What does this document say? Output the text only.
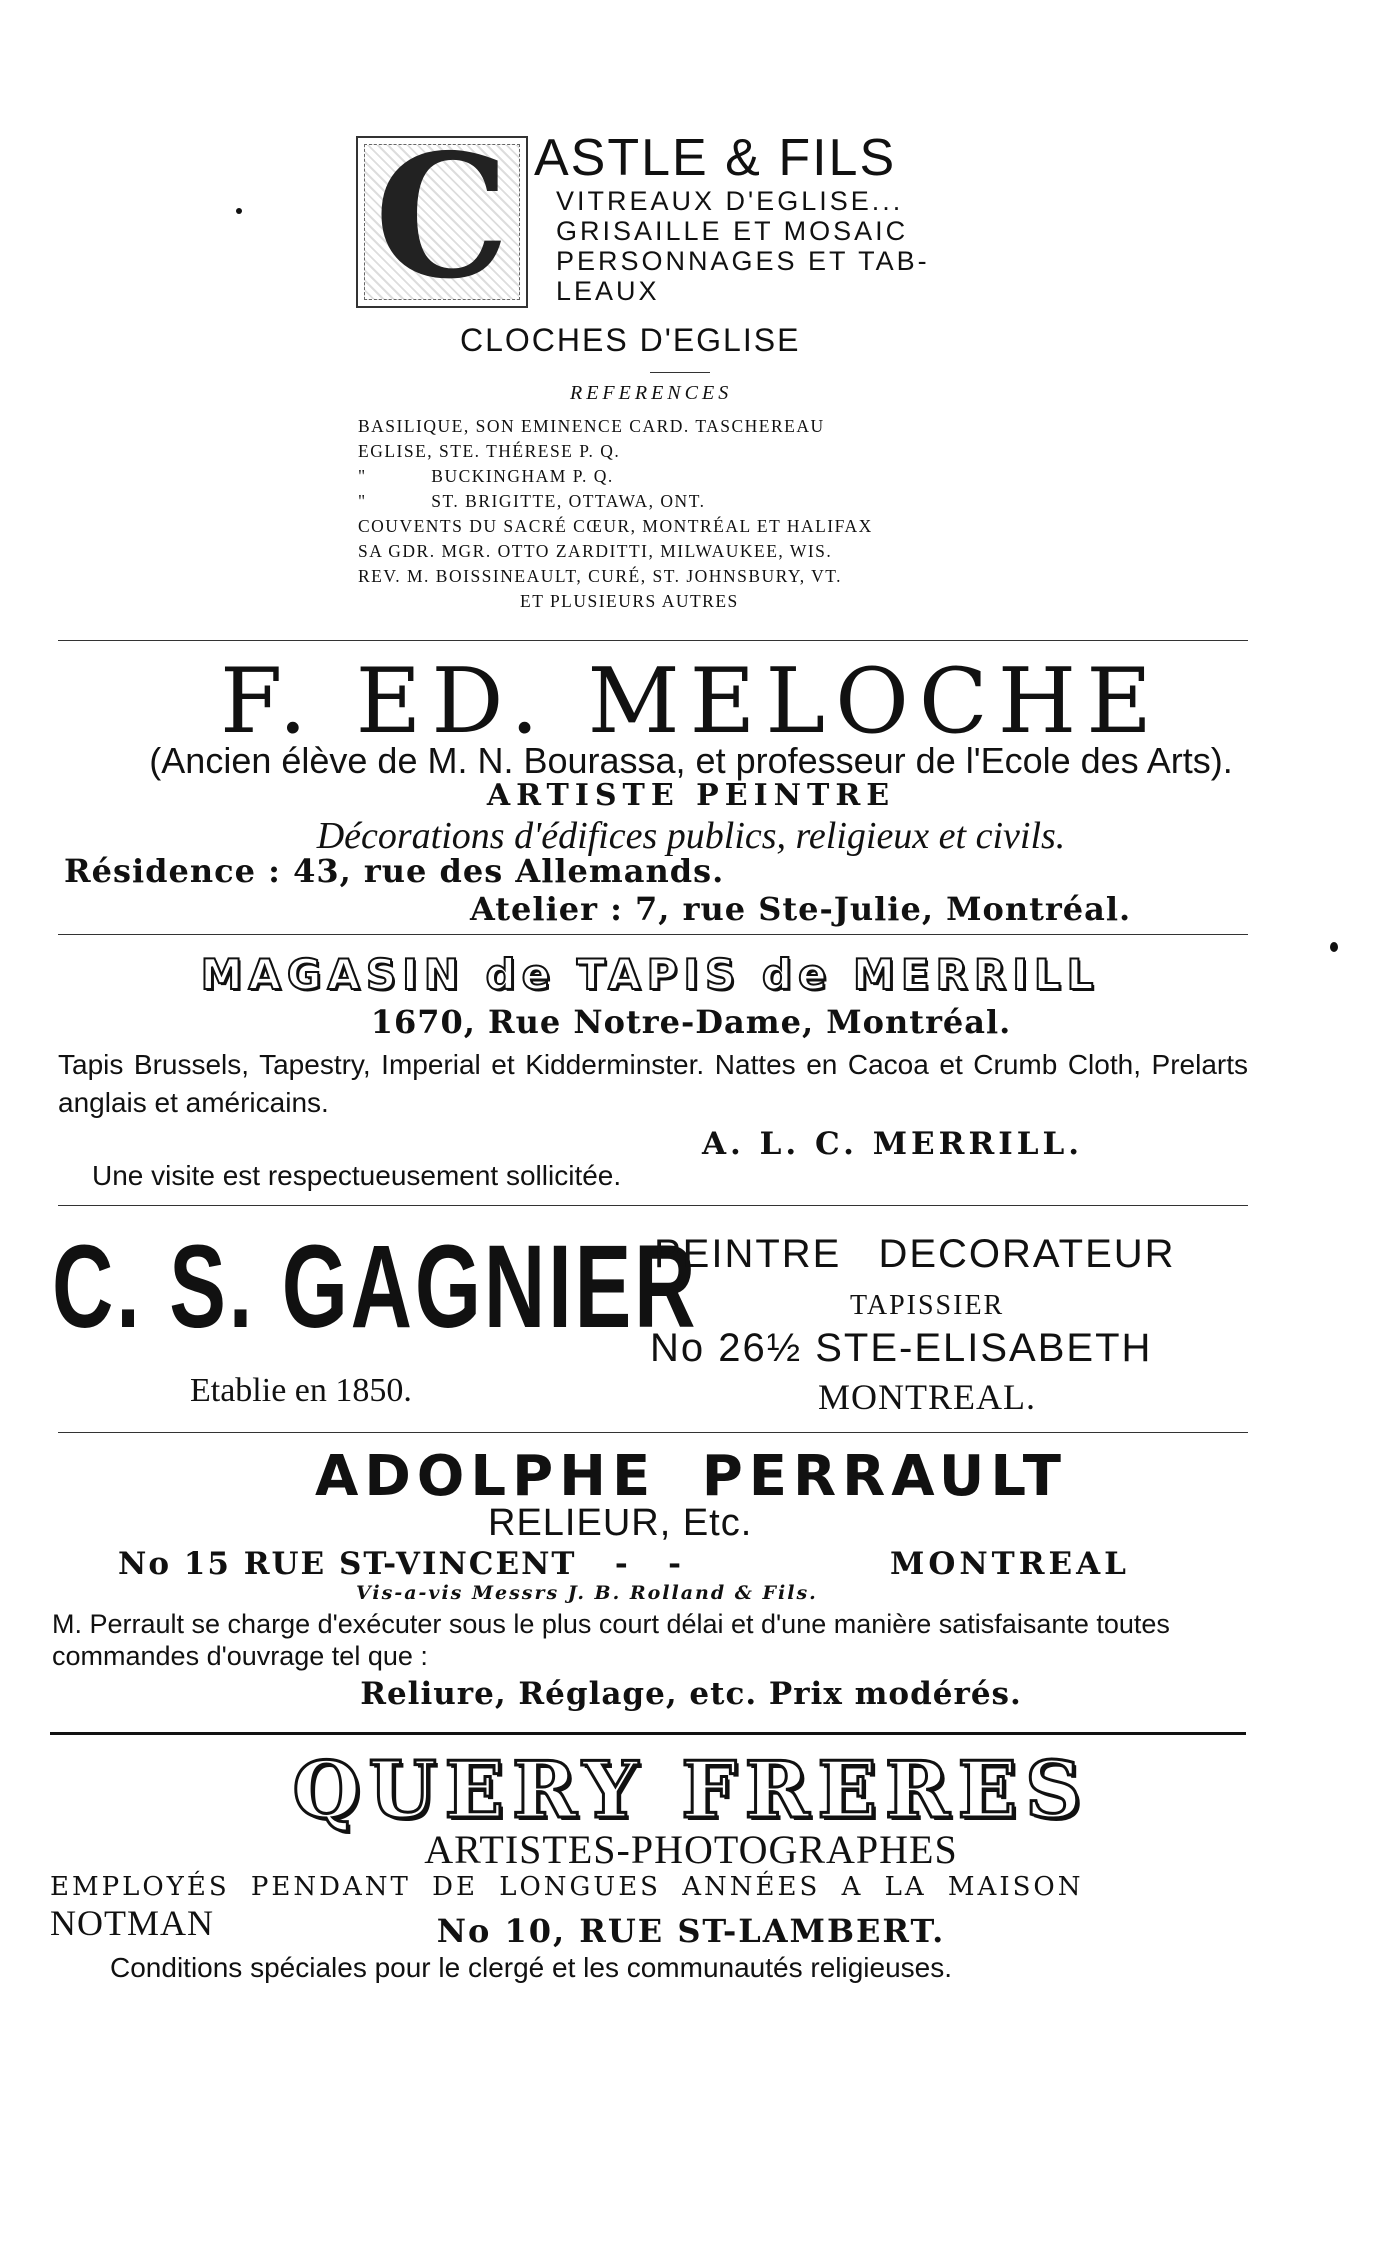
C ASTLE & FILS
VITREAUX D'EGLISE...
GRISAILLE ET MOSAIC
PERSONNAGES ET TAB-
LEAUX
CLOCHES D'EGLISE
REFERENCES
BASILIQUE, SON EMINENCE CARD. TASCHEREAU
EGLISE, STE. THÉRESE P. Q.
"           BUCKINGHAM P. Q.
"           ST. BRIGITTE, OTTAWA, ONT.
COUVENTS DU SACRÉ CŒUR, MONTRÉAL ET HALIFAX
SA GDR. MGR. OTTO ZARDITTI, MILWAUKEE, WIS.
REV. M. BOISSINEAULT, CURÉ, ST. JOHNSBURY, VT.
ET PLUSIEURS AUTRES
F. ED. MELOCHE
(Ancien élève de M. N. Bourassa, et professeur de l'Ecole des Arts).
ARTISTE PEINTRE
Décorations d'édifices publics, religieux et civils.
Résidence : 43, rue des Allemands.
Atelier : 7, rue Ste-Julie, Montréal.
MAGASIN de TAPIS de MERRILL
1670, Rue Notre-Dame, Montréal.
Tapis Brussels, Tapestry, Imperial et Kidderminster. Nattes en Cacoa et Crumb Cloth, Prelarts anglais et américains.
A. L. C. MERRILL.
Une visite est respectueusement sollicitée.
C. S. GAGNIER
Etablie en 1850.
PEINTRE DECORATEUR
TAPISSIER
No 26½ STE-ELISABETH
MONTREAL.
ADOLPHE PERRAULT
RELIEUR, Etc.
No 15 RUE ST-VINCENT   -   -	MONTREAL
Vis-a-vis Messrs J. B. Rolland & Fils.
M. Perrault se charge d'exécuter sous le plus court délai et d'une manière satisfaisante toutes commandes d'ouvrage tel que :
Reliure, Réglage, etc. Prix modérés.
QUERY FRERES
ARTISTES-PHOTOGRAPHES
EMPLOYÉS PENDANT DE LONGUES ANNÉES A LA MAISON NOTMAN	No 10, RUE ST-LAMBERT.
Conditions spéciales pour le clergé et les communautés religieuses.
